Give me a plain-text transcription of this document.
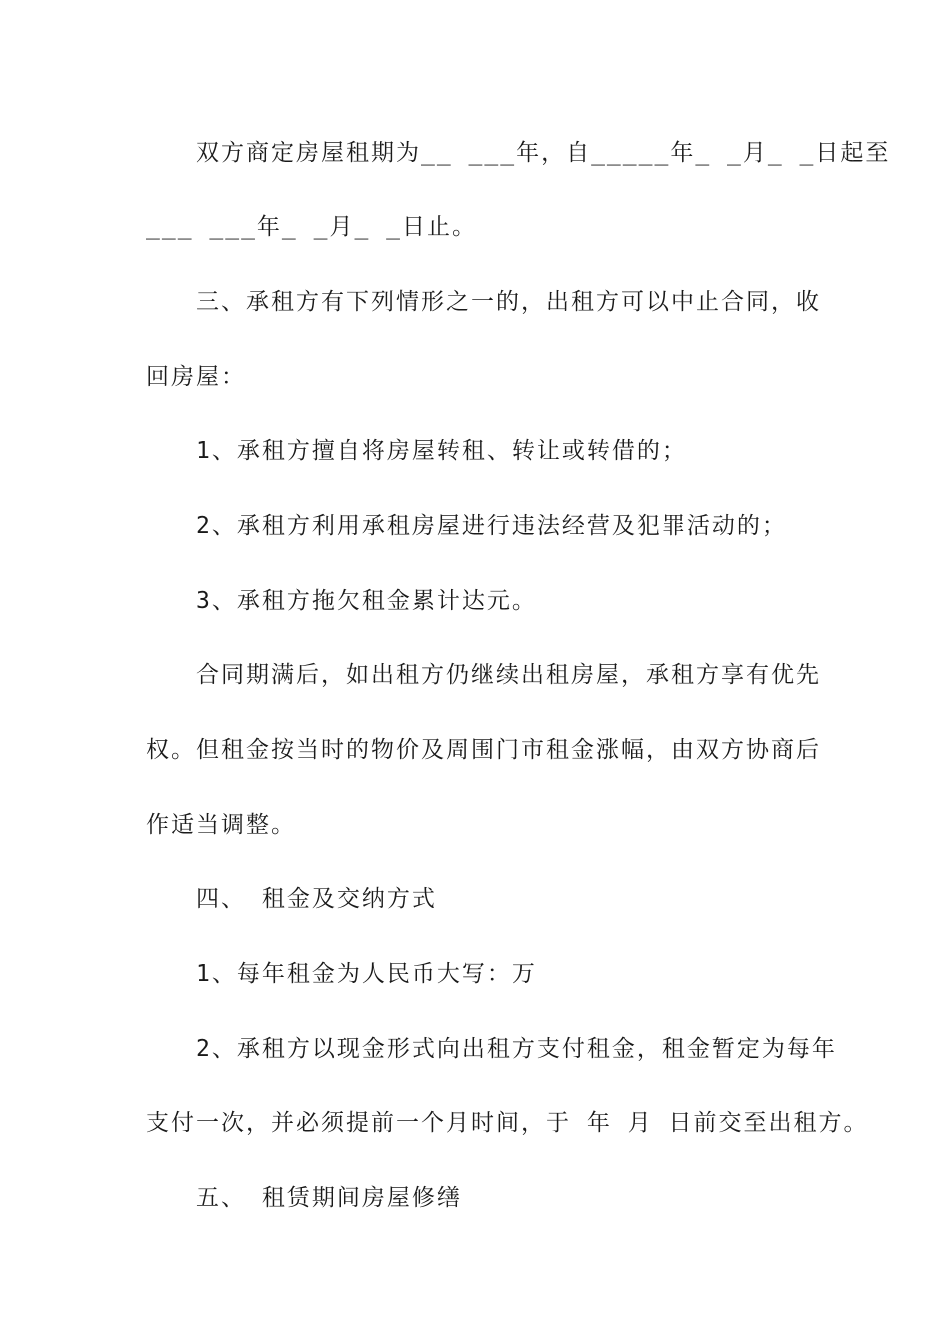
　　双方商定房屋租期为__ ___年，自_____年_ _月_ _日起至
___ ___年_ _月_ _日止。
　　三、承租方有下列情形之一的，出租方可以中止合同，收
回房屋：
　　1、承租方擅自将房屋转租、转让或转借的；
　　2、承租方利用承租房屋进行违法经营及犯罪活动的；
　　3、承租方拖欠租金累计达元。
　　合同期满后，如出租方仍继续出租房屋，承租方享有优先
权。但租金按当时的物价及周围门市租金涨幅，由双方协商后
作适当调整。
　　四、 租金及交纳方式
　　1、每年租金为人民币大写：万
　　2、承租方以现金形式向出租方支付租金，租金暂定为每年
支付一次，并必须提前一个月时间，于 年 月 日前交至出租方。
　　五、 租赁期间房屋修缮
